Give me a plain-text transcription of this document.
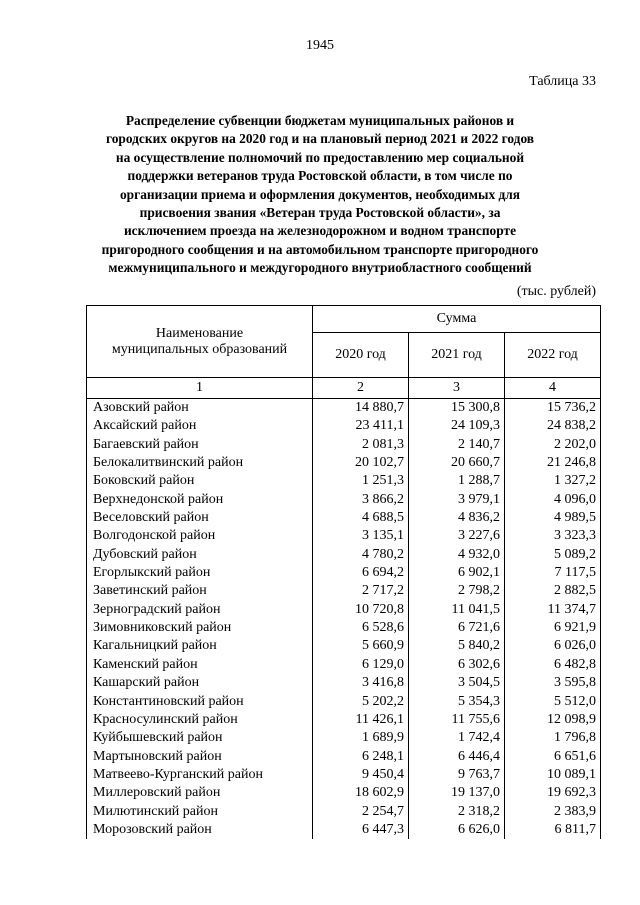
1945
Таблица 33
Распределение субвенции бюджетам муниципальных районов и
городских округов на 2020 год и на плановый период 2021 и 2022 годов
на осуществление полномочий по предоставлению мер социальной
поддержки ветеранов труда Ростовской области, в том числе по
организации приема и оформления документов, необходимых для
присвоения звания «Ветеран труда Ростовской области», за
исключением проезда на железнодорожном и водном транспорте
пригородного сообщения и на автомобильном транспорте пригородного
межмуниципального и междугородного внутриобластного сообщений
(тыс. рублей)
Наименование
муниципальных образований	Сумма		
	2020 год	2021 год	2022 год
1	2	3	4
Азовский район	14 880,7	15 300,8	15 736,2
Аксайский район	23 411,1	24 109,3	24 838,2
Багаевский район	2 081,3	2 140,7	2 202,0
Белокалитвинский район	20 102,7	20 660,7	21 246,8
Боковский район	1 251,3	1 288,7	1 327,2
Верхнедонской район	3 866,2	3 979,1	4 096,0
Веселовский район	4 688,5	4 836,2	4 989,5
Волгодонской район	3 135,1	3 227,6	3 323,3
Дубовский район	4 780,2	4 932,0	5 089,2
Егорлыкский район	6 694,2	6 902,1	7 117,5
Заветинский район	2 717,2	2 798,2	2 882,5
Зерноградский район	10 720,8	11 041,5	11 374,7
Зимовниковский район	6 528,6	6 721,6	6 921,9
Кагальницкий район	5 660,9	5 840,2	6 026,0
Каменский район	6 129,0	6 302,6	6 482,8
Кашарский район	3 416,8	3 504,5	3 595,8
Константиновский район	5 202,2	5 354,3	5 512,0
Красносулинский район	11 426,1	11 755,6	12 098,9
Куйбышевский район	1 689,9	1 742,4	1 796,8
Мартыновский район	6 248,1	6 446,4	6 651,6
Матвеево-Курганский район	9 450,4	9 763,7	10 089,1
Миллеровский район	18 602,9	19 137,0	19 692,3
Милютинский район	2 254,7	2 318,2	2 383,9
Морозовский район	6 447,3	6 626,0	6 811,7
